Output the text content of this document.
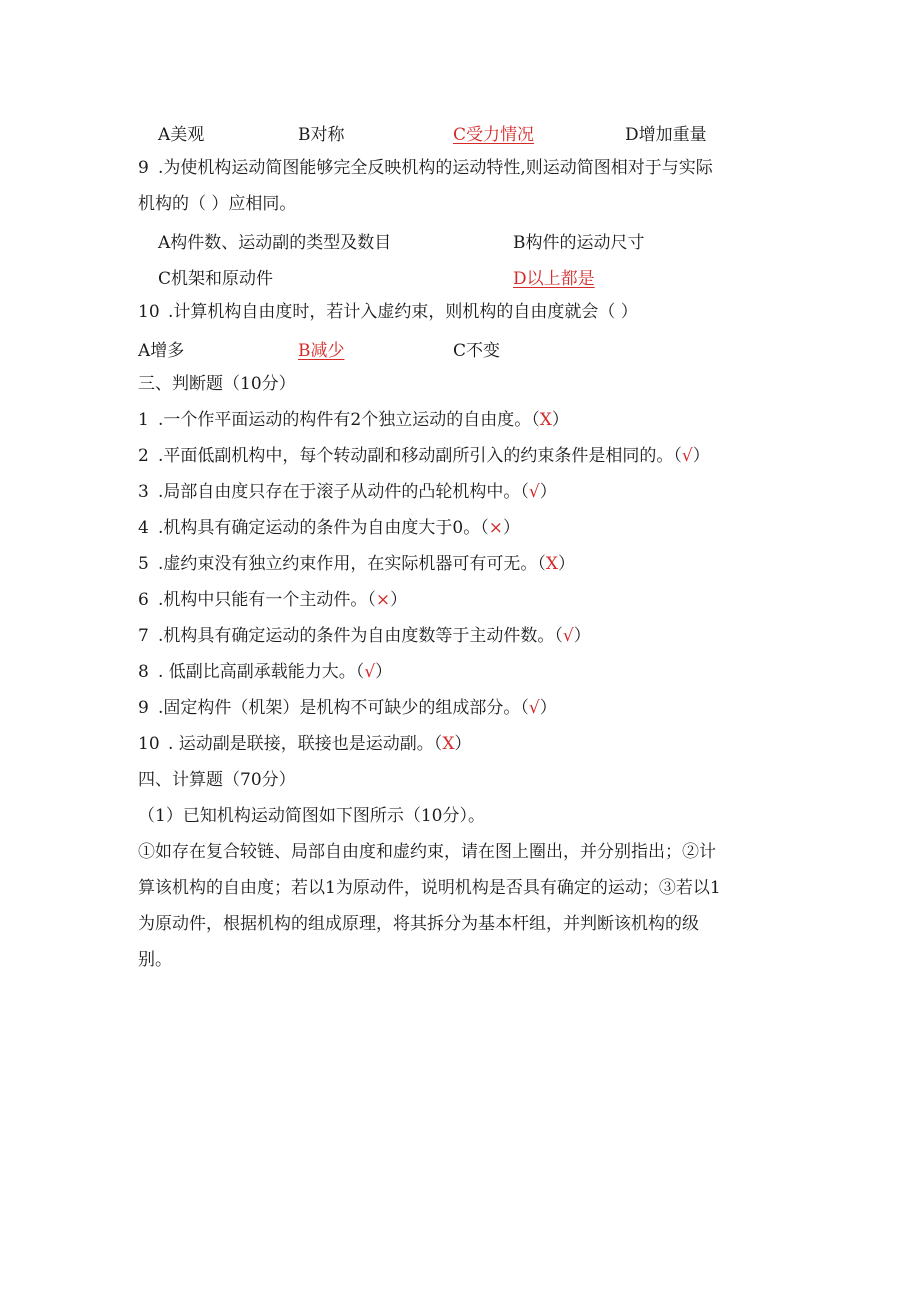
A美观	B对称	C受力情况	D增加重量
9 .为使机构运动简图能够完全反映机构的运动特性,则运动简图相对于与实际
机构的（ ）应相同。
A构件数、运动副的类型及数目	B构件的运动尺寸
C机架和原动件	D以上都是
10 .计算机构自由度时，若计入虚约束，则机构的自由度就会（ ）
A增多	B减少	C不变
三、判断题（10分）
1 .一个作平面运动的构件有2个独立运动的自由度。（X）
2 .平面低副机构中，每个转动副和移动副所引入的约束条件是相同的。（√）
3 .局部自由度只存在于滚子从动件的凸轮机构中。（√）
4 .机构具有确定运动的条件为自由度大于0。（×）
5 .虚约束没有独立约束作用，在实际机器可有可无。（X）
6 .机构中只能有一个主动件。（×）
7 .机构具有确定运动的条件为自由度数等于主动件数。（√）
8 . 低副比高副承载能力大。（√）
9 .固定构件（机架）是机构不可缺少的组成部分。（√）
10 . 运动副是联接，联接也是运动副。（X）
四、计算题（70分）
（1）已知机构运动简图如下图所示（10分）。
①如存在复合较链、局部自由度和虚约束，请在图上圈出，并分别指出；②计
算该机构的自由度；若以1为原动件，说明机构是否具有确定的运动；③若以1
为原动件，根据机构的组成原理，将其拆分为基本杆组，并判断该机构的级
别。
